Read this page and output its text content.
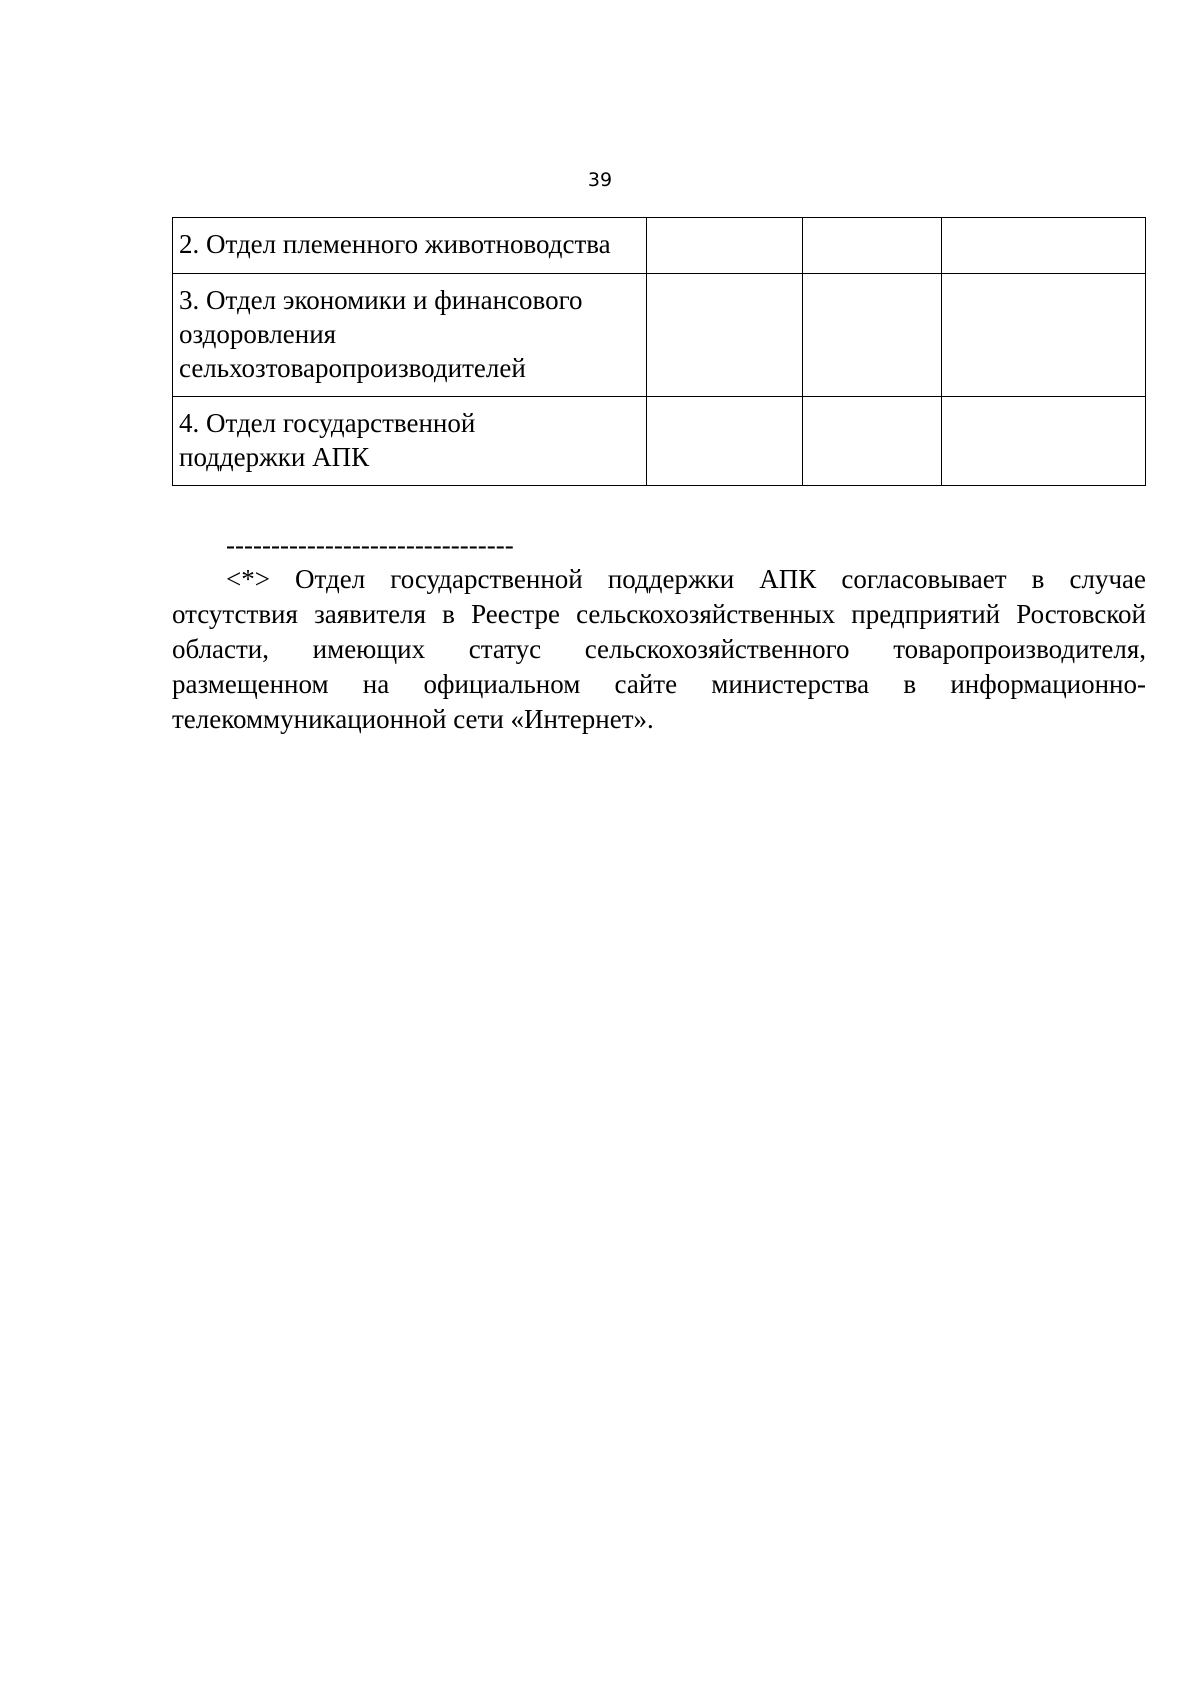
39
2. Отдел племенного животноводства			

3. Отдел экономики и финансового оздоровления сельхозтоваропроизводителей			

4. Отдел государственной поддержки АПК			

--------------------------------

<*> Отдел государственной поддержки АПК согласовывает в случае отсутствия заявителя в Реестре сельскохозяйственных предприятий Ростовской области, имеющих статус сельскохозяйственного товаропроизводителя, размещенном на официальном сайте министерства в информационно-телекоммуникационной сети «Интернет».
